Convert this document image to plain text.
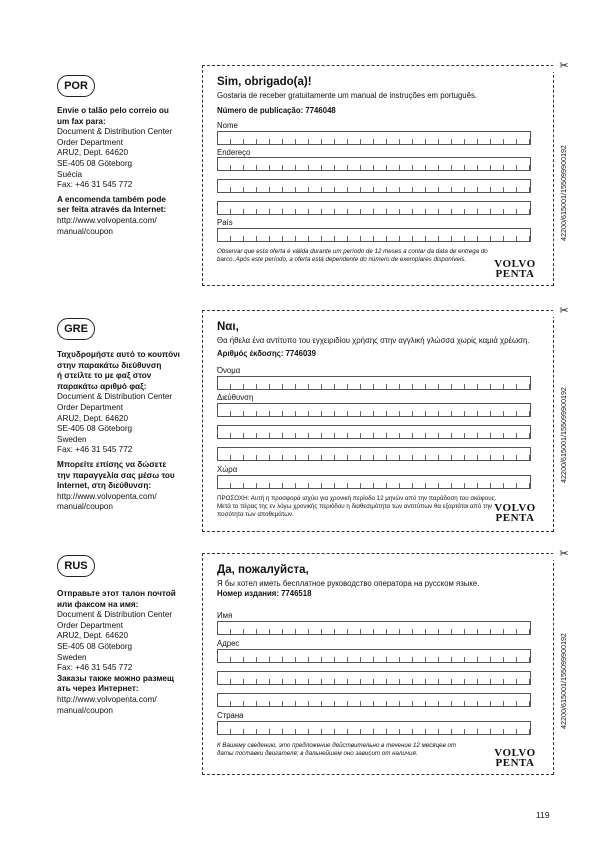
POR
Envie o talão pelo correio ou
um fax para:
Document & Distribution Center
Order Department
ARU2, Dept. 64620
SE-405 08 Göteborg
Suécia
Fax: +46 31 545 772
A encomenda também pode
ser feita através da Internet:
http://www.volvopenta.com/
manual/coupon
✂
Sim, obrigado(a)!
Gostaria de receber gratuitamente um manual de instruções em português.
Número de publicação: 7746048
Nome
Endereço
País
Observar que esta oferta é válida durante um período de 12 meses a contar da data de entrega do barco. Após este período, a oferta está dependente do número de exemplares disponíveis.	VOLVO
PENTA
42200/615001/155099900192
GRE
Ταχυδρομήστε αυτό το κουπόνι
στην παρακάτω διεύθυνση
ή στείλτε το με φαξ στον
παρακάτω αριθμό φαξ:
Document & Distribution Center
Order Department
ARU2, Dept. 64620
SE-405 08 Göteborg
Sweden
Fax: +46 31 545 772
Μπορείτε επίσης να δώσετε
την παραγγελία σας μέσω του
Internet, στη διεύθυνση:
http://www.volvopenta.com/
manual/coupon
✂
Ναι,
Θα ήθελα ένα αντίτυπο του εγχειριδίου χρήσης στην αγγλική γλώσσα χωρίς καμιά χρέωση.
Αριθμός έκδοσης: 7746039
Όνομα
Διεύθυνση
Χώρα
ΠΡΟΣΟΧΗ: Αυτή η προσφορά ισχύει για χρονική περίοδο 12 μηνών από την παράδοση του σκάφους. Μετά το πέρας της εν λόγω χρονικής περιόδου η διαθεσιμότητα των αντιτύπων θα εξαρτάται από την ποσότητα των αποθεμάτων.
VOLVO
PENTA
42200/615001/155099900192
RUS
Отправьте этот талон почтой
или факсом на имя:
Document & Distribution Center
Order Department
ARU2, Dept. 64620
SE-405 08 Göteborg
Sweden
Fax: +46 31 545 772
Заказы также можно размещ
ать через Интернет:
http://www.volvopenta.com/
manual/coupon
✂
Да, пожалуйста,
Я бы хотел иметь бесплатное руководство оператора на русском языке.
Номер издания: 7746518
Имя
Адрес
Страна
К Вашему сведению, это предложение действительно в течение 12 месяцев от даты поставки двигателя; в дальнейшем оно зависит от наличия.	VOLVO
PENTA
42200/615001/155099900192
119
